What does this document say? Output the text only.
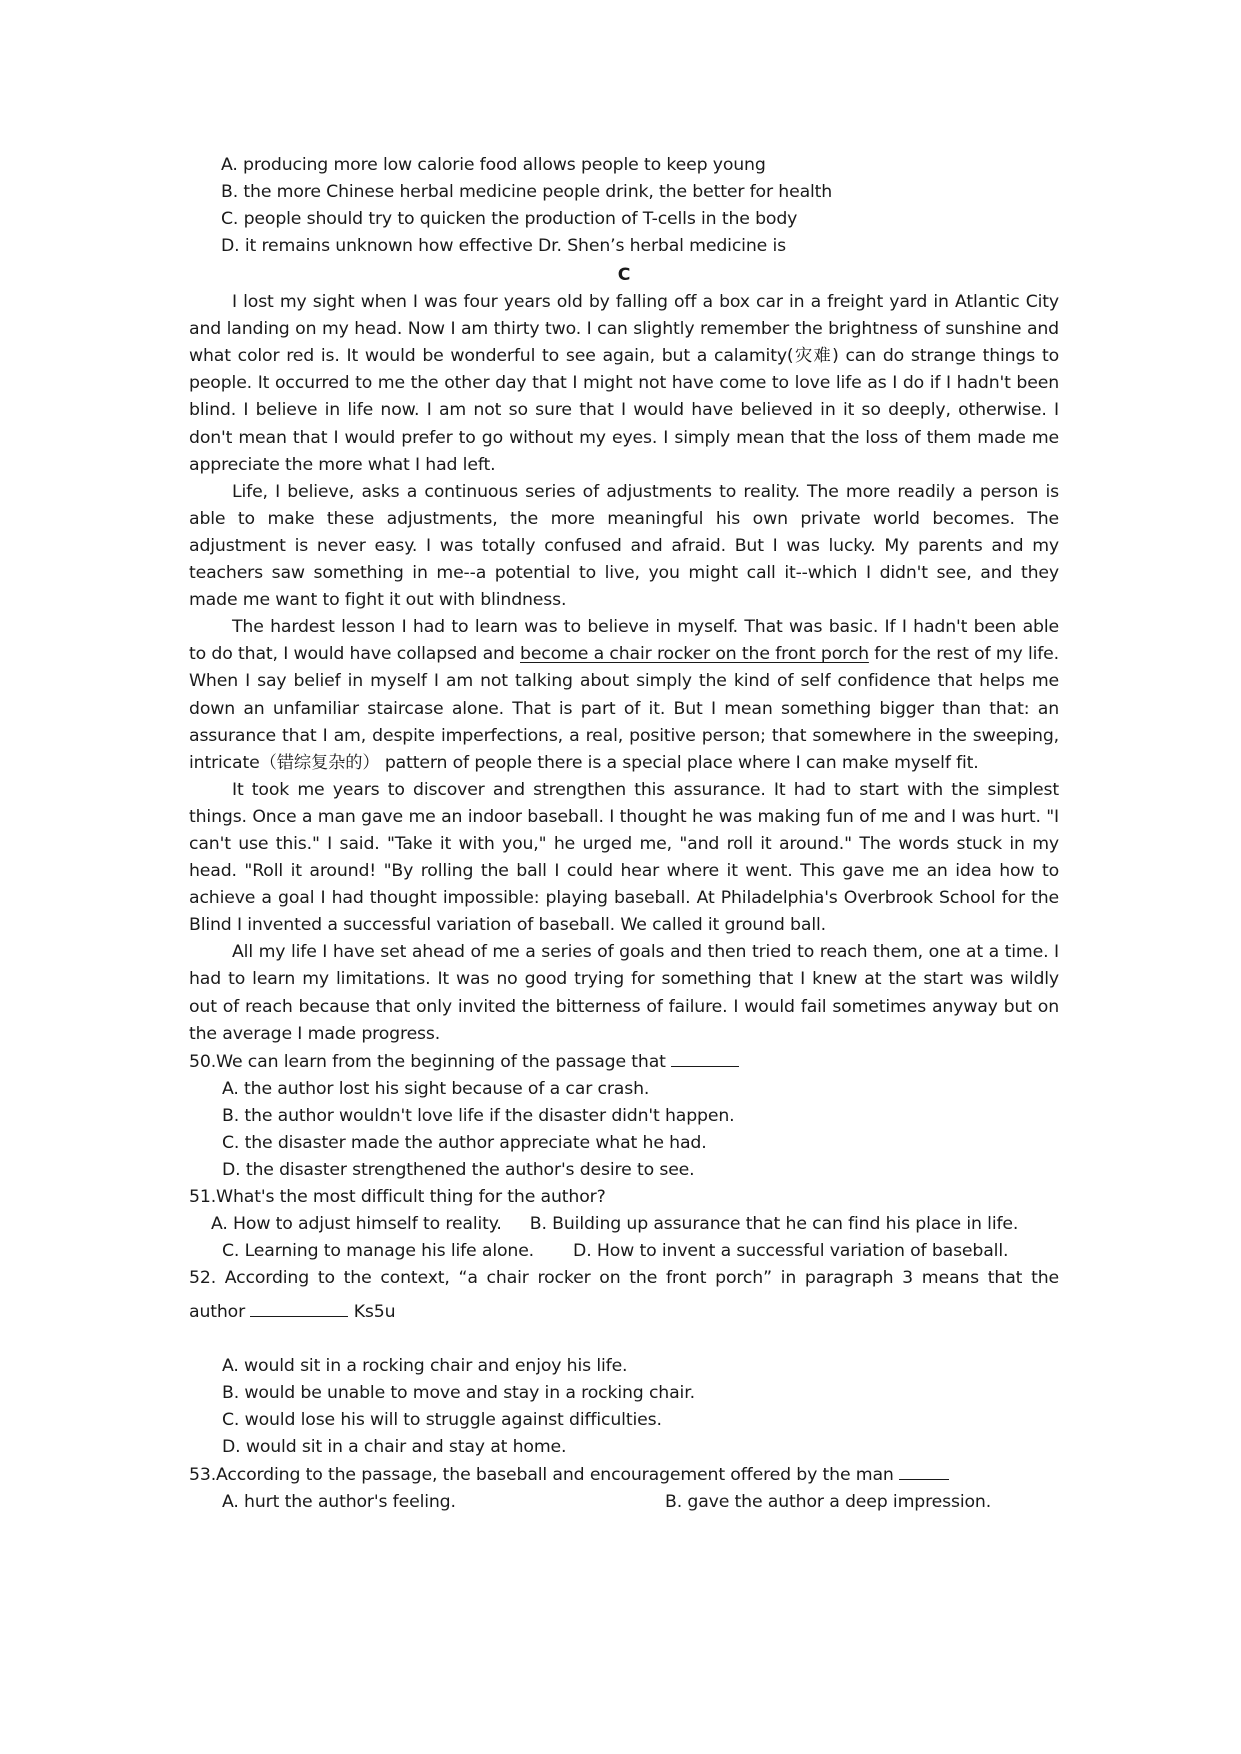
A. producing more low calorie food allows people to keep young
B. the more Chinese herbal medicine people drink, the better for health
C. people should try to quicken the production of T-cells in the body
D. it remains unknown how effective Dr. Shen’s herbal medicine is
C
I lost my sight when I was four years old by falling off a box car in a freight yard in Atlantic City and landing on my head. Now I am thirty two. I can slightly remember the brightness of sunshine and what color red is. It would be wonderful to see again, but a calamity(灾难) can do strange things to people. It occurred to me the other day that I might not have come to love life as I do if I hadn't been blind. I believe in life now. I am not so sure that I would have believed in it so deeply, otherwise. I don't mean that I would prefer to go without my eyes. I simply mean that the loss of them made me appreciate the more what I had left.
Life, I believe, asks a continuous series of adjustments to reality. The more readily a person is able to make these adjustments, the more meaningful his own private world becomes. The adjustment is never easy. I was totally confused and afraid. But I was lucky. My parents and my teachers saw something in me--a potential to live, you might call it--which I didn't see, and they made me want to fight it out with blindness.
The hardest lesson I had to learn was to believe in myself. That was basic. If I hadn't been able to do that, I would have collapsed and become a chair rocker on the front porch for the rest of my life. When I say belief in myself I am not talking about simply the kind of self confidence that helps me down an unfamiliar staircase alone. That is part of it. But I mean something bigger than that: an assurance that I am, despite imperfections, a real, positive person; that somewhere in the sweeping, intricate（错综复杂的） pattern of people there is a special place where I can make myself fit.
It took me years to discover and strengthen this assurance. It had to start with the simplest things. Once a man gave me an indoor baseball. I thought he was making fun of me and I was hurt. "I can't use this." I said. "Take it with you," he urged me, "and roll it around." The words stuck in my head. "Roll it around! "By rolling the ball I could hear where it went. This gave me an idea how to achieve a goal I had thought impossible: playing baseball. At Philadelphia's Overbrook School for the Blind I invented a successful variation of baseball. We called it ground ball.
All my life I have set ahead of me a series of goals and then tried to reach them, one at a time. I had to learn my limitations. It was no good trying for something that I knew at the start was wildly out of reach because that only invited the bitterness of failure. I would fail sometimes anyway but on the average I made progress.
50.We can learn from the beginning of the passage that
A. the author lost his sight because of a car crash.
B. the author wouldn't love life if the disaster didn't happen.
C. the disaster made the author appreciate what he had.
D. the disaster strengthened the author's desire to see.
51.What's the most difficult thing for the author?
A. How to adjust himself to reality. B. Building up assurance that he can find his place in life.
C. Learning to manage his life alone. D. How to invent a successful variation of baseball.
52. According to the context, “a chair rocker on the front porch” in paragraph 3 means that the
author	Ks5u
A. would sit in a rocking chair and enjoy his life.
B. would be unable to move and stay in a rocking chair.
C. would lose his will to struggle against difficulties.
D. would sit in a chair and stay at home.
53.According to the passage, the baseball and encouragement offered by the man
A. hurt the author's feeling.	B. gave the author a deep impression.
